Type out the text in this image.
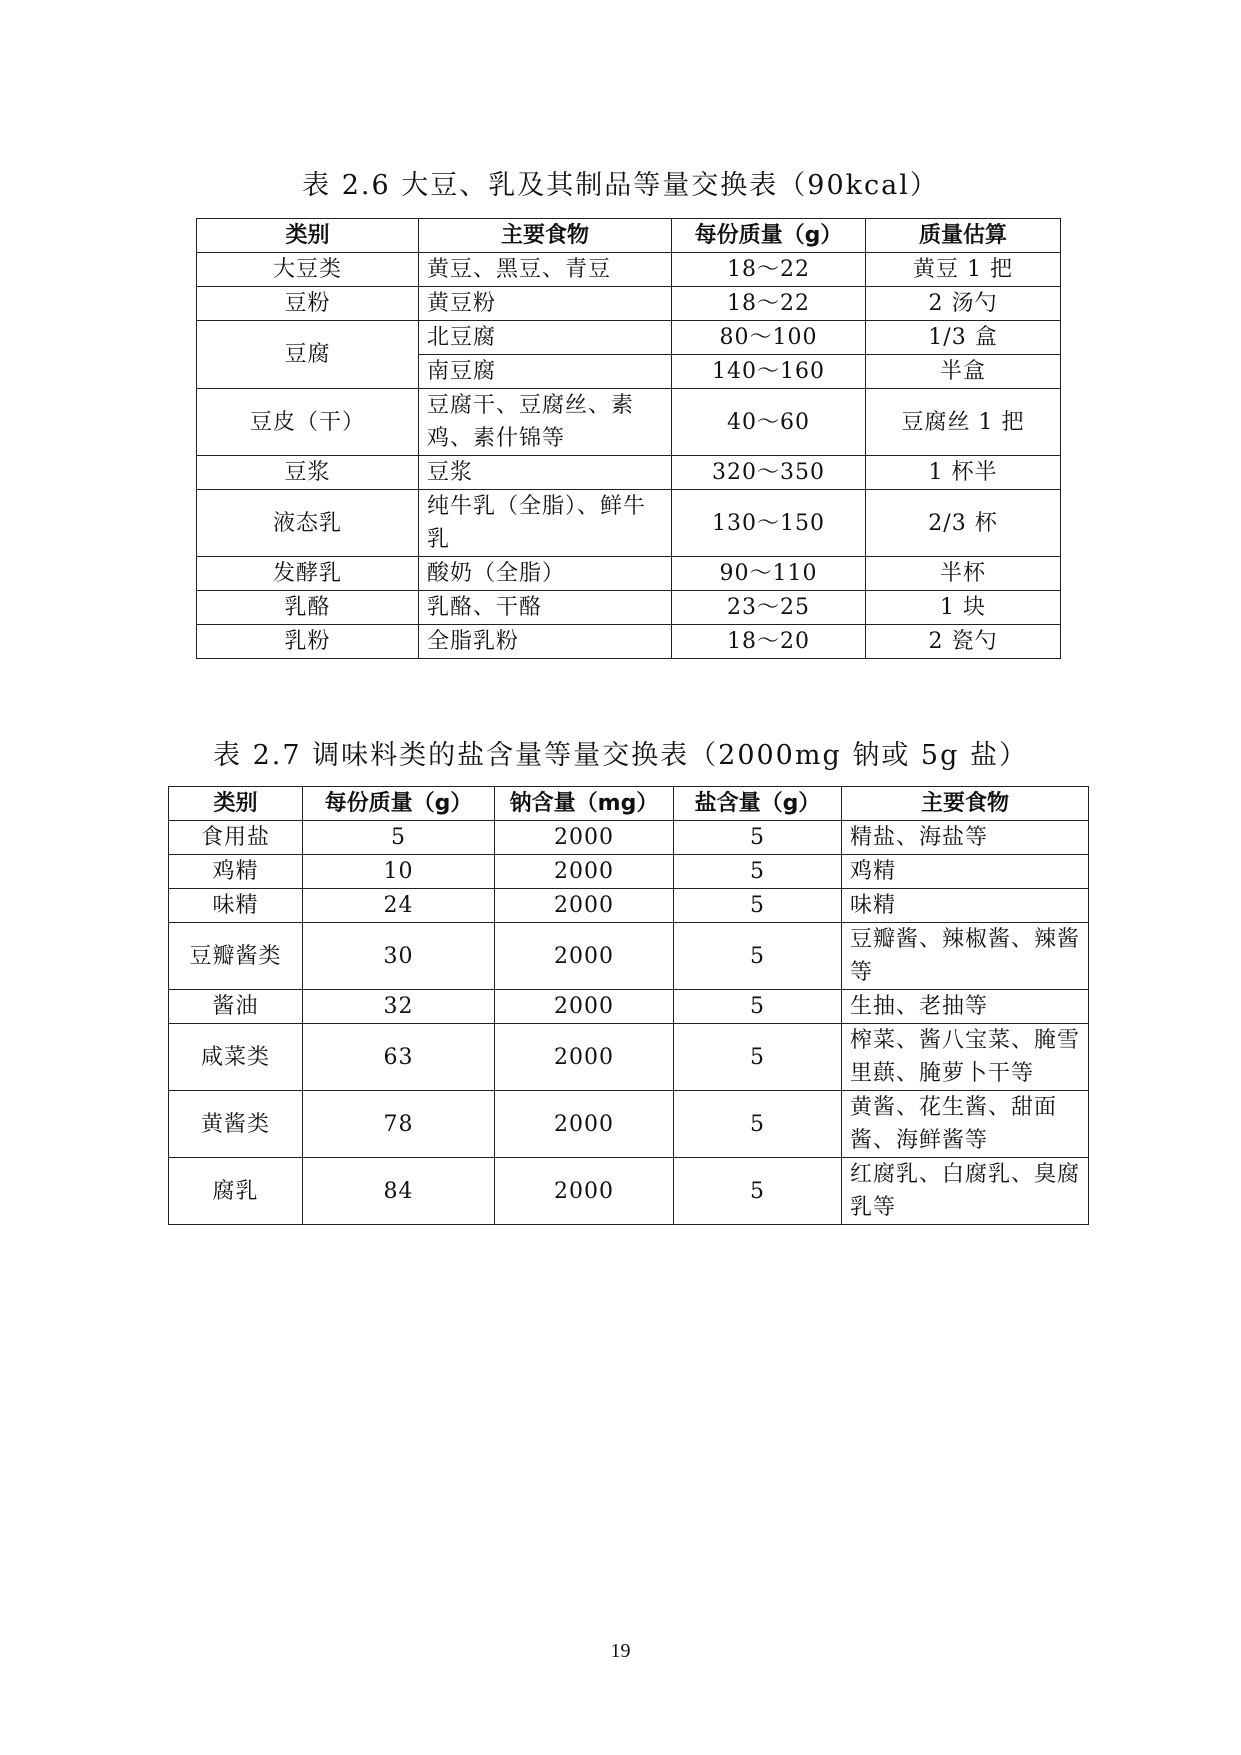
表 2.6 大豆、乳及其制品等量交换表（90kcal）
类别	主要食物	每份质量（g）	质量估算
大豆类	黄豆、黑豆、青豆	18～22	黄豆 1 把
豆粉	黄豆粉	18～22	2 汤勺
豆腐	北豆腐	80～100	1/3 盒
	南豆腐	140～160	半盒
豆皮（干）	豆腐干、豆腐丝、素鸡、素什锦等	40～60	豆腐丝 1 把
豆浆	豆浆	320～350	1 杯半
液态乳	纯牛乳（全脂）、鲜牛乳	130～150	2/3 杯
发酵乳	酸奶（全脂）	90～110	半杯
乳酪	乳酪、干酪	23～25	1 块
乳粉	全脂乳粉	18～20	2 瓷勺
表 2.7 调味料类的盐含量等量交换表（2000mg 钠或 5g 盐）
类别	每份质量（g）	钠含量（mg）	盐含量（g）	主要食物
食用盐	5	2000	5	精盐、海盐等
鸡精	10	2000	5	鸡精
味精	24	2000	5	味精
豆瓣酱类	30	2000	5	豆瓣酱、辣椒酱、辣酱等
酱油	32	2000	5	生抽、老抽等
咸菜类	63	2000	5	榨菜、酱八宝菜、腌雪里蕻、腌萝卜干等
黄酱类	78	2000	5	黄酱、花生酱、甜面酱、海鲜酱等
腐乳	84	2000	5	红腐乳、白腐乳、臭腐乳等
19
